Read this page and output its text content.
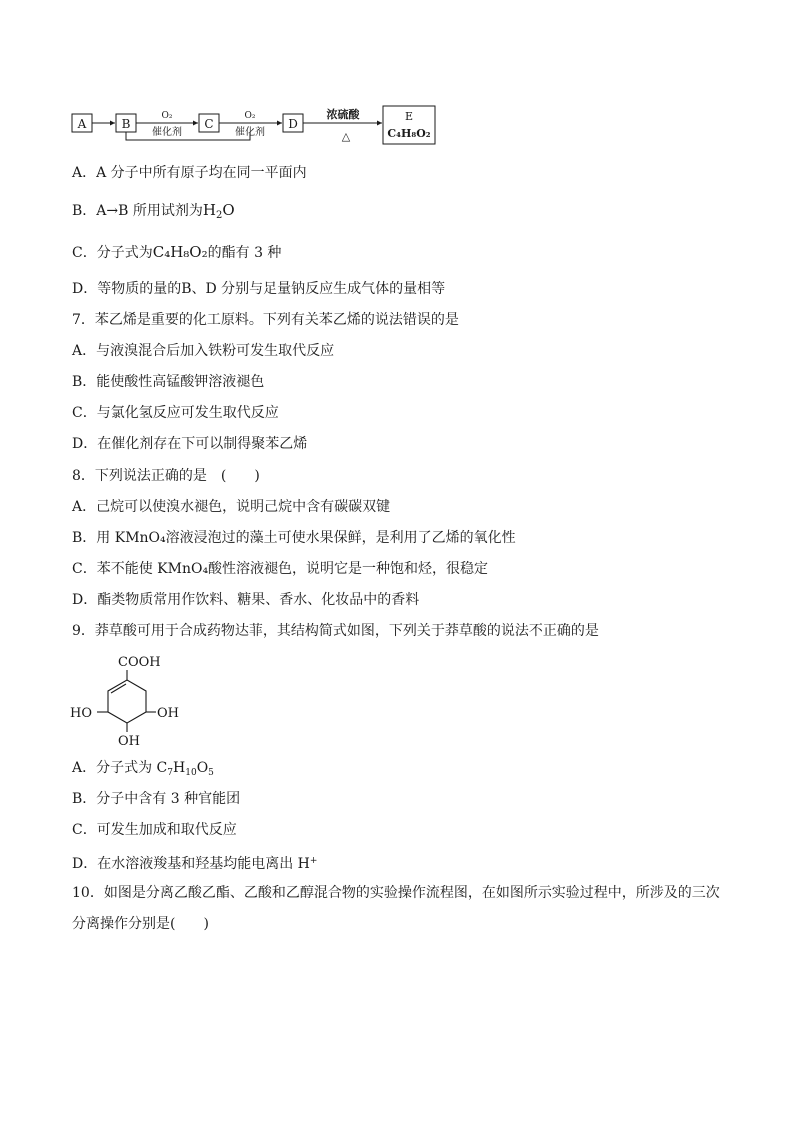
A	B
O₂
催化剂
C
O₂
催化剂
D
浓硫酸
△
E
C₄H₈O₂
A．A 分子中所有原子均在同一平面内
B．A→B 所用试剂为$H_2O$
C．分子式为C₄H₈O₂的酯有 3 种
D．等物质的量的B、D 分别与足量钠反应生成气体的量相等
7．苯乙烯是重要的化工原料。下列有关苯乙烯的说法错误的是
A．与液溴混合后加入铁粉可发生取代反应
B．能使酸性高锰酸钾溶液褪色
C．与氯化氢反应可发生取代反应
D．在催化剂存在下可以制得聚苯乙烯
8．下列说法正确的是　(　　)
A．己烷可以使溴水褪色，说明己烷中含有碳碳双键
B．用 KMnO₄溶液浸泡过的藻土可使水果保鲜，是利用了乙烯的氧化性
C．苯不能使 KMnO₄酸性溶液褪色，说明它是一种饱和烃，很稳定
D．酯类物质常用作饮料、糖果、香水、化妆品中的香料
9．莽草酸可用于合成药物达菲，其结构简式如图，下列关于莽草酸的说法不正确的是
COOH
HO	OH
OH
A．分子式为 $C_7H_{10}O_5$
B．分子中含有 3 种官能团
C．可发生加成和取代反应
D．在水溶液羧基和羟基均能电离出 H+
10．如图是分离乙酸乙酯、乙酸和乙醇混合物的实验操作流程图，在如图所示实验过程中，所涉及的三次
分离操作分别是(　　)
